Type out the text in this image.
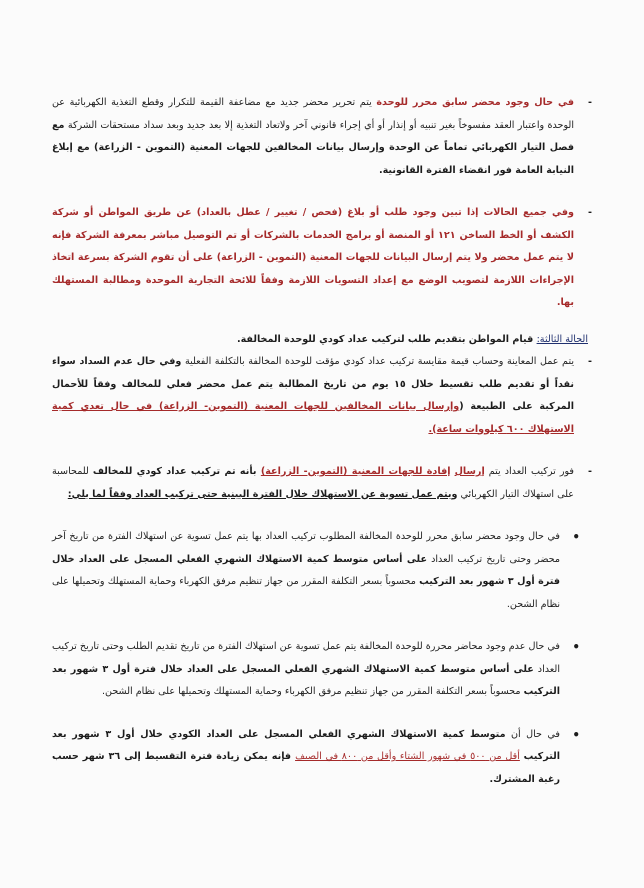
-
في حال وجود محضر سابق محرر للوحدة يتم تحرير محضر جديد مع مضاعفة القيمة للتكرار وقطع التغذية الكهربائية عن الوحدة واعتبار العقد مفسوخاً بغير تنبيه أو إنذار أو أي إجراء قانوني آخر ولاتعاد التغذية إلا بعد جديد وبعد سداد مستحقات الشركة مع فصل التيار الكهربائي تماماً عن الوحدة وإرسال بيانات المخالفين للجهات المعنية (التموين - الزراعة) مع إبلاغ النيابة العامة فور انقضاء الفترة القانونية.
-
وفي جميع الحالات إذا تبين وجود طلب أو بلاغ (فحص / تغيير / عطل بالعداد) عن طريق المواطن أو شركة الكشف أو الخط الساخن ١٢١ أو المنصة أو برامج الخدمات بالشركات أو تم التوصيل مباشر بمعرفة الشركة فإنه لا يتم عمل محضر ولا يتم إرسال البيانات للجهات المعنية (التموين - الزراعة) على أن تقوم الشركة بسرعة اتخاذ الإجراءات اللازمة لتصويب الوضع مع إعداد التسويات اللازمة وفقاً للائحة التجارية الموحدة ومطالبة المستهلك بها.
الحالة الثالثة: قيام المواطن بتقديم طلب لتركيب عداد كودي للوحدة المخالفة.
-
يتم عمل المعاينة وحساب قيمة مقايسة تركيب عداد كودي مؤقت للوحدة المخالفة بالتكلفة الفعلية وفي حال عدم السداد سواء نقداً أو تقديم طلب تقسيط خلال ١٥ يوم من تاريخ المطالبة يتم عمل محضر فعلي للمخالف وفقاً للأحمال المركبة على الطبيعة (وإرسال بيانات المخالفين للجهات المعنية (التموين- الزراعة) في حال تعدي كمية الاستهلاك ٦٠٠ كيلووات ساعة).
-
فور تركيب العداد يتم إرسال إفادة للجهات المعنية (التموين- الزراعة) بأنه تم تركيب عداد كودي للمخالف للمحاسبة على استهلاك التيار الكهربائي ويتم عمل تسوية عن الاستهلاك خلال الفترة البينية حتى تركيب العداد وفقاً لما يلي:
•
في حال وجود محضر سابق محرر للوحدة المخالفة المطلوب تركيب العداد بها يتم عمل تسوية عن استهلاك الفترة من تاريخ آخر محضر وحتى تاريخ تركيب العداد على أساس متوسط كمية الاستهلاك الشهري الفعلي المسجل على العداد خلال فترة أول ٣ شهور بعد التركيب محسوباً بسعر التكلفة المقرر من جهاز تنظيم مرفق الكهرباء وحماية المستهلك وتحميلها على نظام الشحن.
•
في حال عدم وجود محاضر محررة للوحدة المخالفة يتم عمل تسوية عن استهلاك الفترة من تاريخ تقديم الطلب وحتى تاريخ تركيب العداد على أساس متوسط كمية الاستهلاك الشهري الفعلي المسجل على العداد خلال فترة أول ٣ شهور بعد التركيب محسوباً بسعر التكلفة المقرر من جهاز تنظيم مرفق الكهرباء وحماية المستهلك وتحميلها على نظام الشحن.
•
في حال أن متوسط كمية الاستهلاك الشهري الفعلي المسجل على العداد الكودي خلال أول ٣ شهور بعد التركيب أقل من ٥٠٠ في شهور الشتاء وأقل من ٨٠٠ في الصيف فإنه يمكن زيادة فترة التقسيط إلى ٣٦ شهر حسب رغبة المشترك.
